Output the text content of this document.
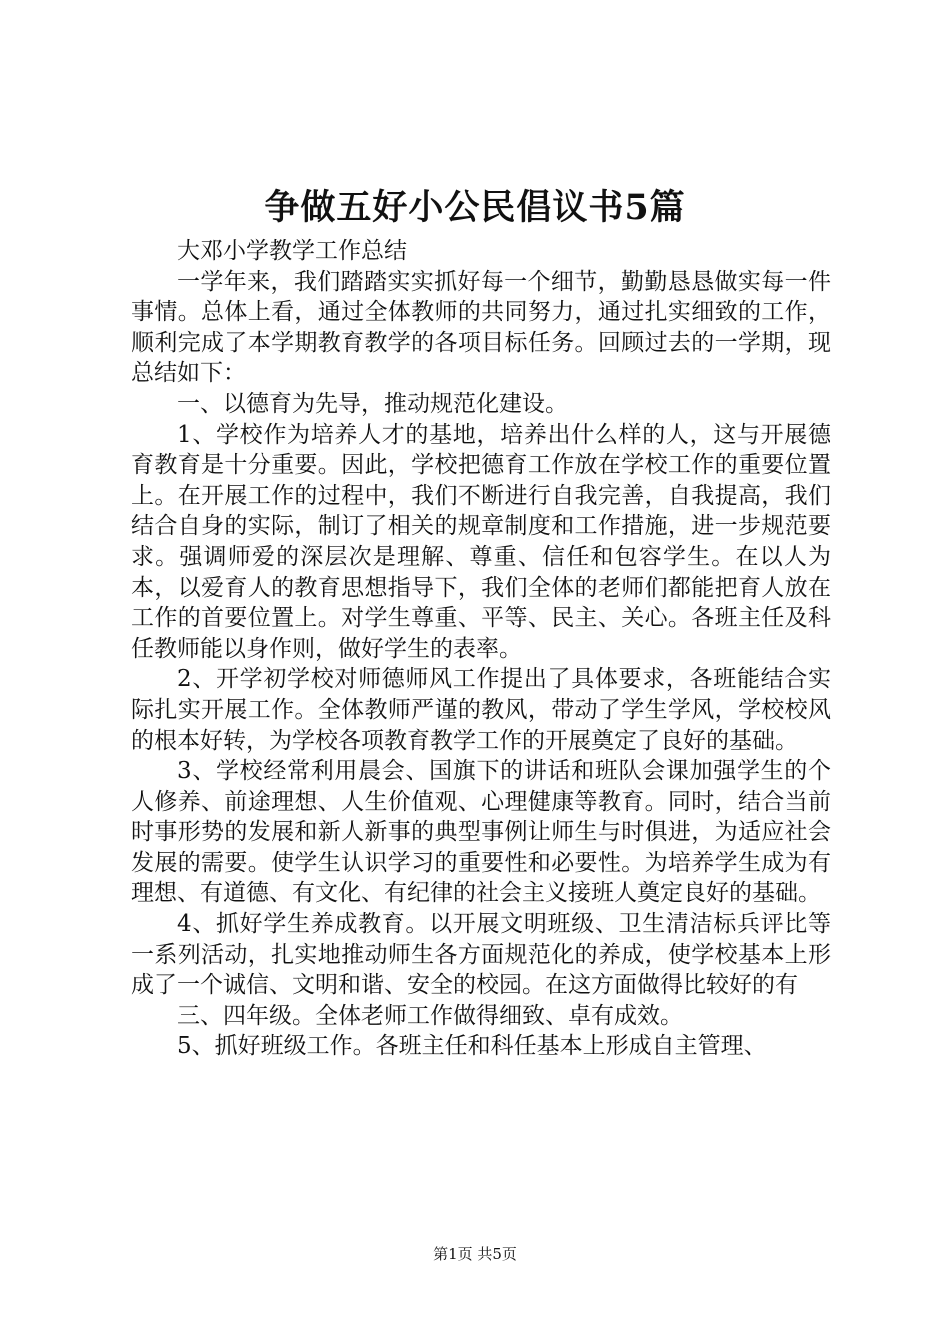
争做五好小公民倡议书5篇

大邓小学教学工作总结

一学年来，我们踏踏实实抓好每一个细节，勤勤恳恳做实每一件事情。总体上看，通过全体教师的共同努力，通过扎实细致的工作，顺利完成了本学期教育教学的各项目标任务。回顾过去的一学期，现总结如下：

一、以德育为先导，推动规范化建设。

1、学校作为培养人才的基地，培养出什么样的人，这与开展德育教育是十分重要。因此，学校把德育工作放在学校工作的重要位置上。在开展工作的过程中，我们不断进行自我完善，自我提高，我们结合自身的实际，制订了相关的规章制度和工作措施，进一步规范要求。强调师爱的深层次是理解、尊重、信任和包容学生。在以人为本，以爱育人的教育思想指导下，我们全体的老师们都能把育人放在工作的首要位置上。对学生尊重、平等、民主、关心。各班主任及科任教师能以身作则，做好学生的表率。

2、开学初学校对师德师风工作提出了具体要求，各班能结合实际扎实开展工作。全体教师严谨的教风，带动了学生学风，学校校风的根本好转，为学校各项教育教学工作的开展奠定了良好的基础。

3、学校经常利用晨会、国旗下的讲话和班队会课加强学生的个人修养、前途理想、人生价值观、心理健康等教育。同时，结合当前时事形势的发展和新人新事的典型事例让师生与时俱进，为适应社会发展的需要。使学生认识学习的重要性和必要性。为培养学生成为有理想、有道德、有文化、有纪律的社会主义接班人奠定良好的基础。

4、抓好学生养成教育。以开展文明班级、卫生清洁标兵评比等一系列活动，扎实地推动师生各方面规范化的养成，使学校基本上形成了一个诚信、文明和谐、安全的校园。在这方面做得比较好的有

三、四年级。全体老师工作做得细致、卓有成效。

5、抓好班级工作。各班主任和科任基本上形成自主管理、

第1页 共5页
